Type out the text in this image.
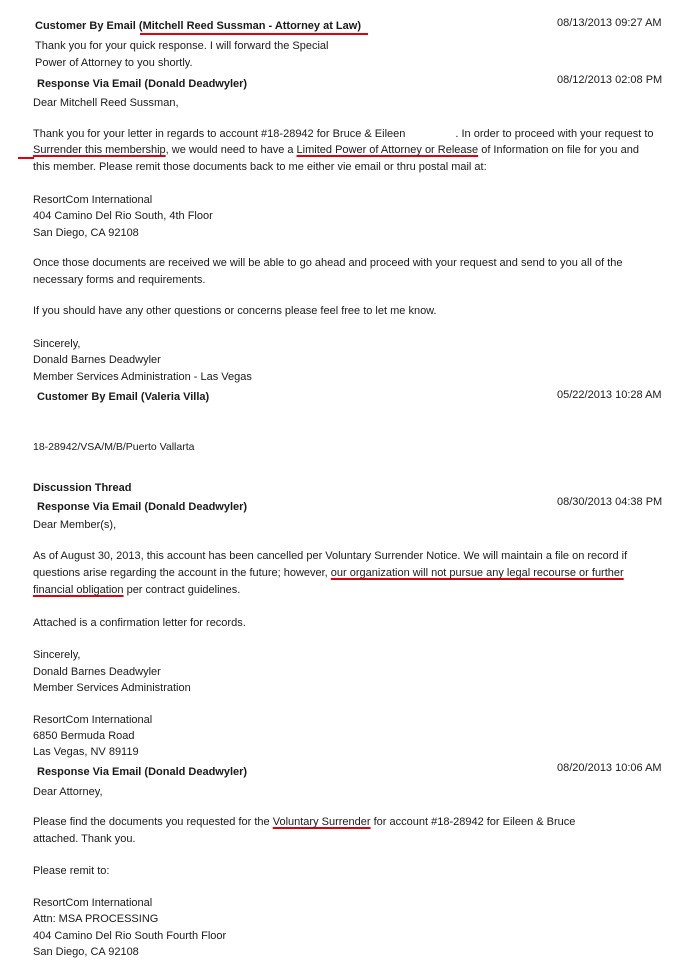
Customer By Email (Mitchell Reed Sussman - Attorney at Law)	08/13/2013 09:27 AM
Thank you for your quick response. I will forward the Special
Power of Attorney to you shortly.
Response Via Email (Donald Deadwyler)	08/12/2013 02:08 PM
Dear Mitchell Reed Sussman,
Thank you for your letter in regards to account #18-28942 for Bruce & Eileen	. In order to proceed with your request to
Surrender this membership, we would need to have a Limited Power of Attorney or Release of Information on file for you and
this member. Please remit those documents back to me either vie email or thru postal mail at:
ResortCom International
404 Camino Del Rio South, 4th Floor
San Diego, CA 92108
Once those documents are received we will be able to go ahead and proceed with your request and send to you all of the
necessary forms and requirements.
If you should have any other questions or concerns please feel free to let me know.
Sincerely,
Donald Barnes Deadwyler
Member Services Administration - Las Vegas
Customer By Email (Valeria Villa)	05/22/2013 10:28 AM
18-28942/VSA/M/B/Puerto Vallarta
Discussion Thread
Response Via Email (Donald Deadwyler)	08/30/2013 04:38 PM
Dear Member(s),
As of August 30, 2013, this account has been cancelled per Voluntary Surrender Notice. We will maintain a file on record if
questions arise regarding the account in the future; however, our organization will not pursue any legal recourse or further
financial obligation per contract guidelines.
Attached is a confirmation letter for records.
Sincerely,
Donald Barnes Deadwyler
Member Services Administration
ResortCom International
6850 Bermuda Road
Las Vegas, NV 89119
Response Via Email (Donald Deadwyler)	08/20/2013 10:06 AM
Dear Attorney,
Please find the documents you requested for the Voluntary Surrender for account #18-28942 for Eileen & Bruce
attached. Thank you.
Please remit to:
ResortCom International
Attn: MSA PROCESSING
404 Camino Del Rio South Fourth Floor
San Diego, CA 92108
